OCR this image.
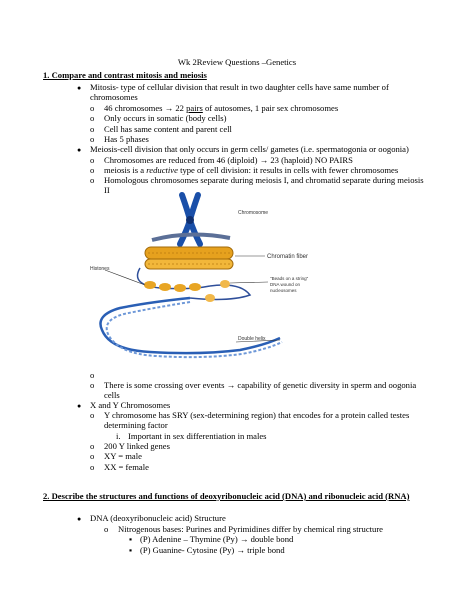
Wk 2Review Questions –Genetics
1. Compare and contrast mitosis and meiosis
● Mitosis- type of cellular division that result in two daughter cells have same number of
chromosomes
o 46 chromosomes → 22 pairs of autosomes, 1 pair sex chromosomes
o Only occurs in somatic (body cells)
o Cell has same content and parent cell
o Has 5 phases
● Meiosis-cell division that only occurs in germ cells/ gametes (i.e. spermatogonia or oogonia)
o Chromosomes are reduced from 46 (diploid) → 23 (haploid) NO PAIRS
o meiosis is a reductive type of cell division: it results in cells with fewer chromosomes
o Homologous chromosomes separate during meiosis I, and chromatid separate during meiosis
II
Chromosome
Chromatin fiber
Histones
"Beads on a string"
DNA wound on
nucleosomes
Double helix
o
o There is some crossing over events → capability of genetic diversity in sperm and oogonia
cells
● X and Y Chromosomes
o Y chromosome has SRY (sex-determining region) that encodes for a protein called testes
determining factor
i. Important in sex differentiation in males
o 200 Y linked genes
o XY = male
o XX = female
2. Describe the structures and functions of deoxyribonucleic acid (DNA) and ribonucleic acid (RNA)
● DNA (deoxyribonucleic acid) Structure
o Nitrogenous bases: Purines and Pyrimidines differ by chemical ring structure
▪ (P) Adenine – Thymine (Py) → double bond
▪ (P) Guanine- Cytosine (Py) → triple bond
